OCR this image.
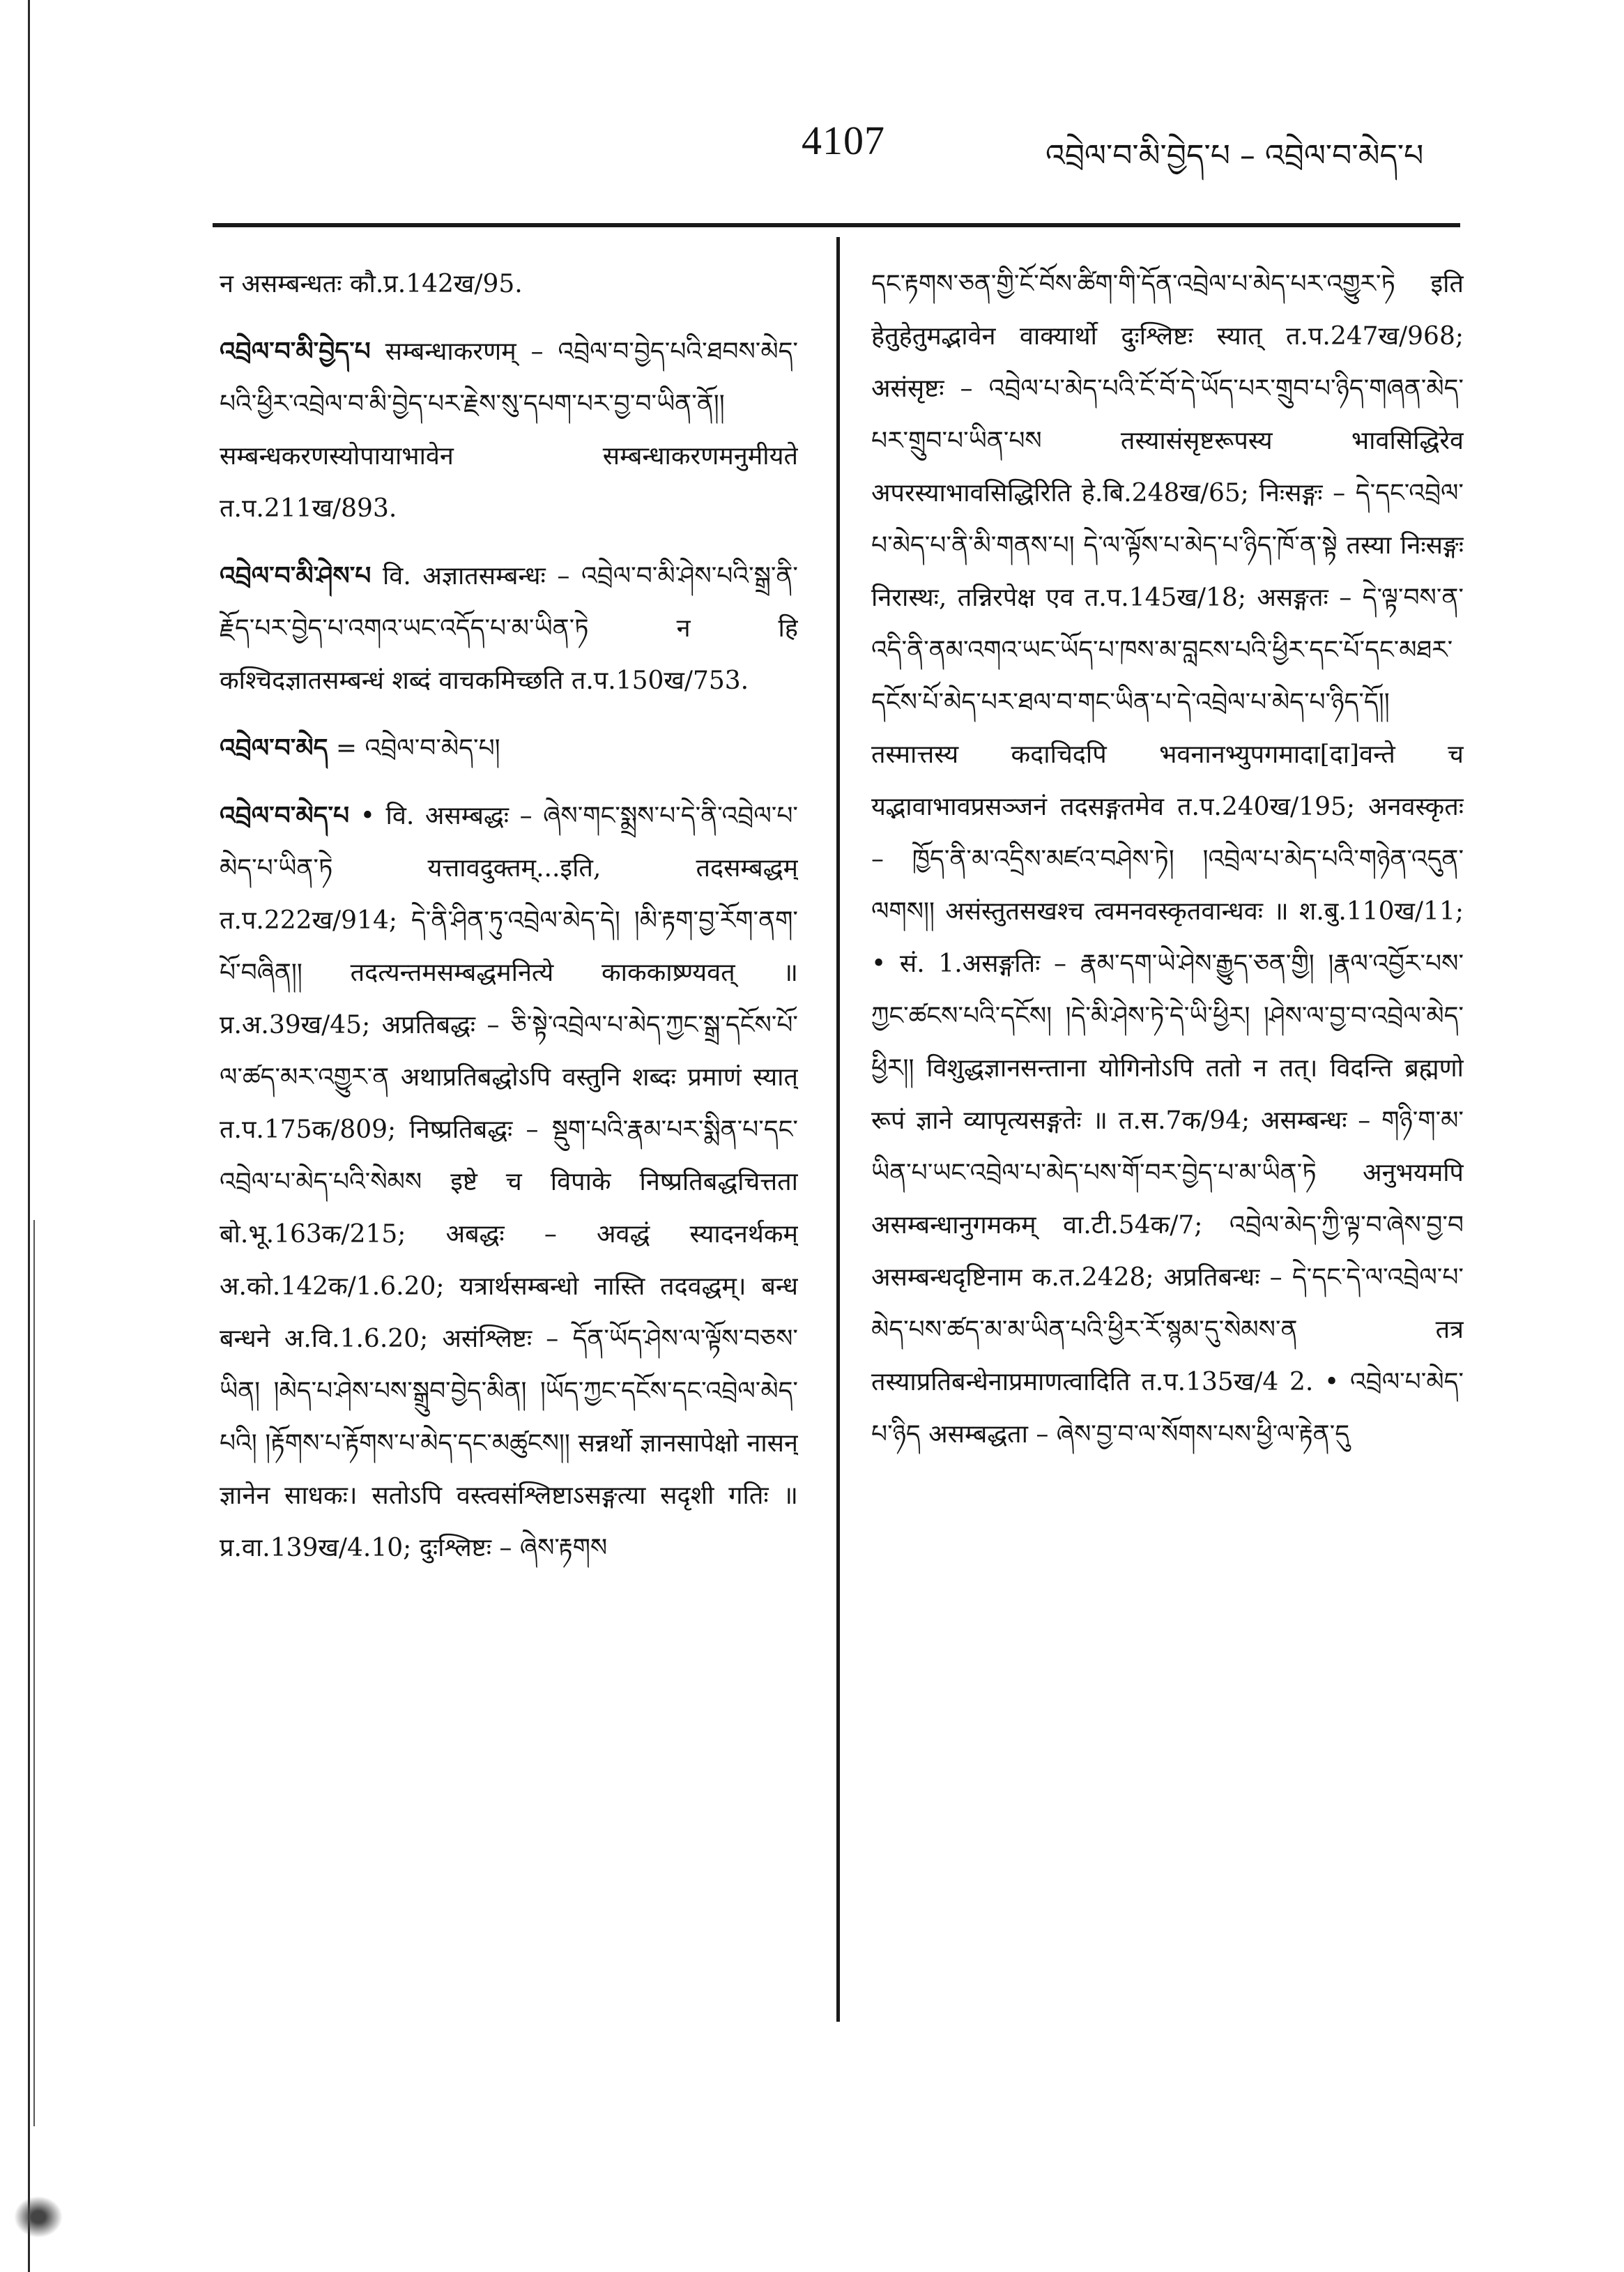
4107	འབྲེལ་བ་མི་བྱེད་པ – འབྲེལ་བ་མེད་པ

न असम्बन्धतः कौ.प्र.142ख/95.

འབྲེལ་བ་མི་བྱེད་པ सम्बन्धाकरणम् – འབྲེལ་བ་བྱེད་པའི་ཐབས་མེད་པའི་ཕྱིར་འབྲེལ་བ་མི་བྱེད་པར་རྗེས་སུ་དཔག་པར་བྱ་བ་ཡིན་ནོ།། सम्बन्धकरणस्योपायाभावेन सम्बन्धाकरणमनुमीयते त.प.211ख/893.

འབྲེལ་བ་མི་ཤེས་པ वि. अज्ञातसम्बन्धः – འབྲེལ་བ་མི་ཤེས་པའི་སྒྲ་ནི་རྗོད་པར་བྱེད་པ་འགའ་ཡང་འདོད་པ་མ་ཡིན་ཏེ न हि कश्चिदज्ञातसम्बन्धं शब्दं वाचकमिच्छति त.प.150ख/753.

འབྲེལ་བ་མེད = འབྲེལ་བ་མེད་པ།

འབྲེལ་བ་མེད་པ • वि. असम्बद्धः – ཞེས་གང་སྨྲས་པ་དེ་ནི་འབྲེལ་པ་མེད་པ་ཡིན་ཏེ यत्तावदुक्तम्...इति, तदसम्बद्धम् त.प.222ख/914; དེ་ནི་ཤིན་ཏུ་འབྲེལ་མེད་དེ། །མི་རྟག་བྱ་རོག་ནག་པོ་བཞིན།། तदत्यन्तमसम्बद्धमनित्ये काककाष्र्ण्यवत् ॥ प्र.अ.39ख/45; अप्रतिबद्धः – ཅི་སྟེ་འབྲེལ་པ་མེད་ཀྱང་སྒྲ་དངོས་པོ་ལ་ཚད་མར་འགྱུར་ན अथाप्रतिबद्धोऽपि वस्तुनि शब्दः प्रमाणं स्यात् त.प.175क/809; निष्प्रतिबद्धः – སྡུག་པའི་རྣམ་པར་སྨིན་པ་དང་འབྲེལ་པ་མེད་པའི་སེམས इष्टे च विपाके निष्प्रतिबद्धचित्तता बो.भू.163क/215; अबद्धः – अवद्धं स्यादनर्थकम् अ.को.142क/1.6.20; यत्रार्थसम्बन्धो नास्ति तदवद्धम्। बन्ध बन्धने अ.वि.1.6.20; असंश्लिष्टः – དོན་ཡོད་ཤེས་ལ་ལྟོས་བཅས་ཡིན། །མེད་པ་ཤེས་པས་སྒྲུབ་བྱེད་མིན། །ཡོད་ཀྱང་དངོས་དང་འབྲེལ་མེད་པའི། །རྟོགས་པ་རྟོགས་པ་མེད་དང་མཚུངས།། सन्नर्थो ज्ञानसापेक्षो नासन् ज्ञानेन साधकः। सतोऽपि वस्त्वसंश्लिष्टाऽसङ्गत्या सदृशी गतिः ॥ प्र.वा.139ख/4.10; दुःश्लिष्टः – ཞེས་རྟགས

དང་རྟགས་ཅན་གྱི་ངོ་བོས་ཚིག་གི་དོན་འབྲེལ་པ་མེད་པར་འགྱུར་ཏེ इति हेतुहेतुमद्भावेन वाक्यार्थो दुःश्लिष्टः स्यात् त.प.247ख/968; असंसृष्टः – འབྲེལ་པ་མེད་པའི་ངོ་བོ་དེ་ཡོད་པར་གྲུབ་པ་ཉིད་གཞན་མེད་པར་གྲུབ་པ་ཡིན་པས तस्यासंसृष्टरूपस्य भावसिद्धिरेव अपरस्याभावसिद्धिरिति हे.बि.248ख/65; निःसङ्गः – དེ་དང་འབྲེལ་པ་མེད་པ་ནི་མི་གནས་པ། དེ་ལ་ལྟོས་པ་མེད་པ་ཉིད་ཁོ་ན་སྟེ तस्या निःसङ्गः निरास्थः, तन्निरपेक्ष एव त.प.145ख/18; असङ्गतः – དེ་ལྟ་བས་ན་འདི་ནི་ནམ་འགའ་ཡང་ཡོད་པ་ཁས་མ་བླངས་པའི་ཕྱིར་དང་པོ་དང་མཐར་དངོས་པོ་མེད་པར་ཐལ་བ་གང་ཡིན་པ་དེ་འབྲེལ་པ་མེད་པ་ཉིད་དོ།། तस्मात्तस्य कदाचिदपि भवनानभ्युपगमादा[दा]वन्ते च यद्भावाभावप्रसञ्जनं तदसङ्गतमेव त.प.240ख/195; अनवस्कृतः – ཁྱོད་ནི་མ་འདྲིས་མཛའ་བཤེས་ཏེ། །འབྲེལ་པ་མེད་པའི་གཉེན་འདུན་ལགས།། असंस्तुतसखश्च त्वमनवस्कृतवान्धवः ॥ श.बु.110ख/11; • सं. 1.असङ्गतिः – རྣམ་དག་ཡེ་ཤེས་རྒྱུད་ཅན་གྱི། །རྣལ་འབྱོར་པས་ཀྱང་ཚངས་པའི་དངོས། །དེ་མི་ཤེས་ཏེ་དེ་ཡི་ཕྱིར། །ཤེས་ལ་བྱ་བ་འབྲེལ་མེད་ཕྱིར།། विशुद्धज्ञानसन्ताना योगिनोऽपि ततो न तत्। विदन्ति ब्रह्मणो रूपं ज्ञाने व्यापृत्यसङ्गतेः ॥ त.स.7क/94; असम्बन्धः – གཉི་ག་མ་ཡིན་པ་ཡང་འབྲེལ་པ་མེད་པས་གོ་བར་བྱེད་པ་མ་ཡིན་ཏེ अनुभयमपि असम्बन्धानुगमकम् वा.टी.54क/7; འབྲེལ་མེད་ཀྱི་ལྟ་བ་ཞེས་བྱ་བ असम्बन्धदृष्टिनाम क.त.2428; अप्रतिबन्धः – དེ་དང་དེ་ལ་འབྲེལ་པ་མེད་པས་ཚད་མ་མ་ཡིན་པའི་ཕྱིར་རོ་སྙམ་དུ་སེམས་ན तत्र तस्याप्रतिबन्धेनाप्रमाणत्वादिति त.प.135ख/4 2. • འབྲེལ་པ་མེད་པ་ཉིད असम्बद्धता – ཞེས་བྱ་བ་ལ་སོགས་པས་ཕྱི་ལ་རྟེན་དུ
